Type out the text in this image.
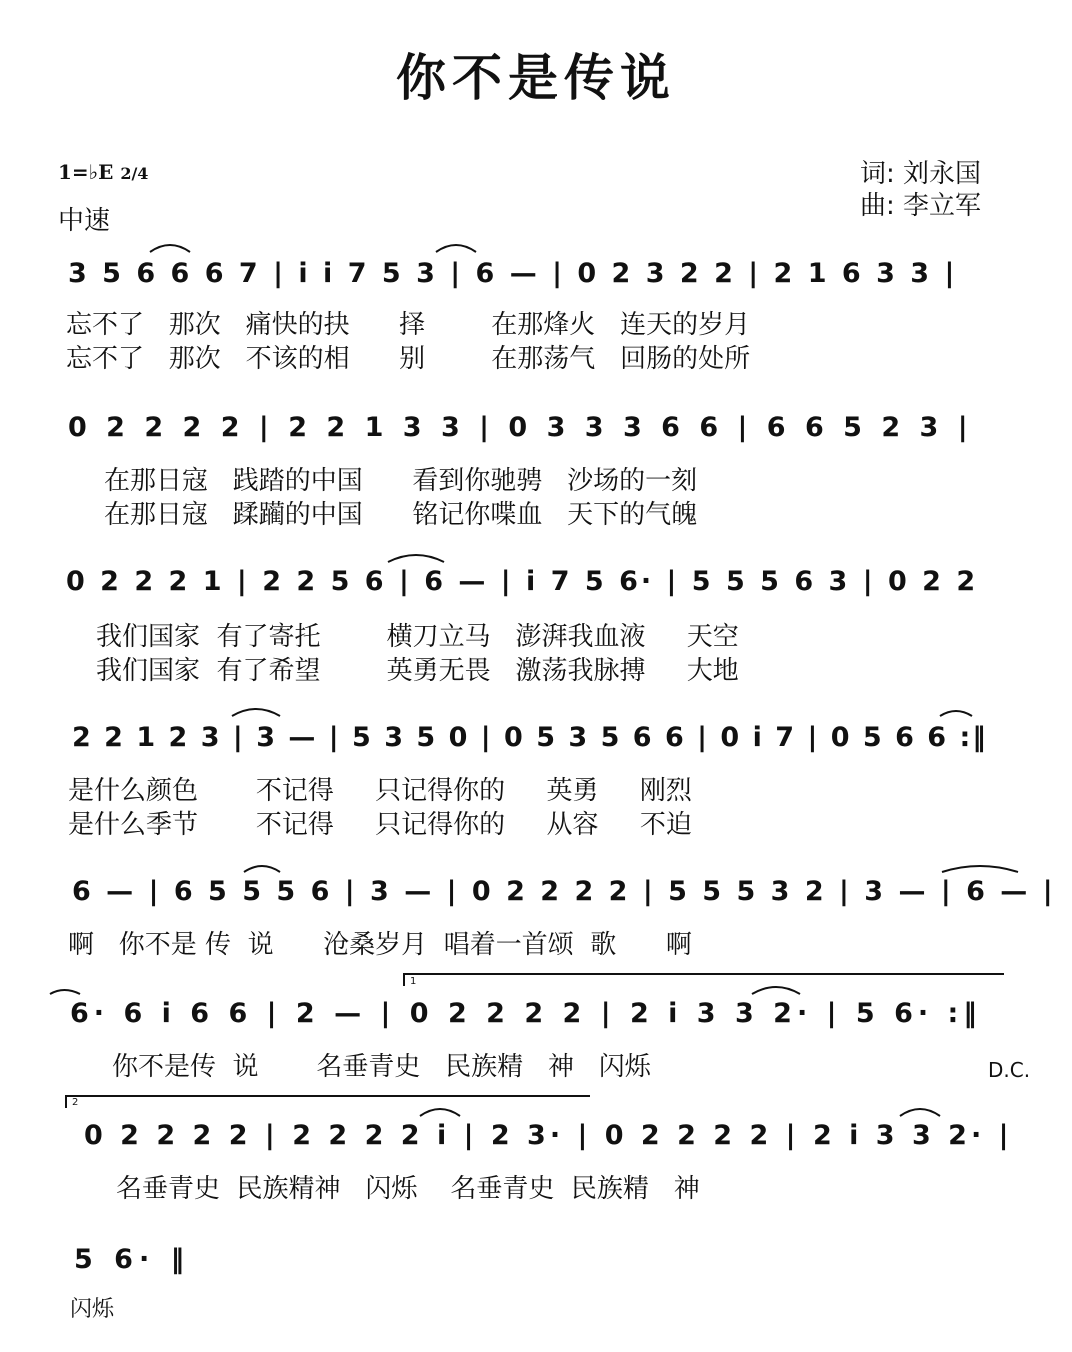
你不是传说
1=♭E 2/4
中速
词: 刘永国
曲: 李立军
3 5 6 6 6 7 | i i 7 5 3 | 6 — | 0 2 3 2 2 | 2 1 6 3 3 |
忘不了   那次   痛快的抉      择        在那烽火   连天的岁月
忘不了   那次   不该的相      别        在那荡气   回肠的处所
0 2 2 2 2 | 2 2 1 3 3 | 0 3 3 3 6 6 | 6 6 5 2 3 |
在那日寇   践踏的中国      看到你驰骋   沙场的一刻
在那日寇   蹂躏的中国      铭记你喋血   天下的气魄
0 2 2 2 1 | 2 2 5 6 | 6 — | i 7 5 6· | 5 5 5 6 3 | 0 2 2
我们国家  有了寄托        横刀立马   澎湃我血液     天空
我们国家  有了希望        英勇无畏   激荡我脉搏     大地
2 2 1 2 3 | 3 — | 5 3 5 0 | 0 5 3 5 6 6 | 0 i 7 | 0 5 6 6 :‖
是什么颜色       不记得     只记得你的     英勇     刚烈
是什么季节       不记得     只记得你的     从容     不迫
6 — | 6 5 5 5 6 | 3 — | 0 2 2 2 2 | 5 5 5 3 2 | 3 — | 6 — |
啊   你不是 传  说      沧桑岁月  唱着一首颂  歌      啊
6· 6 i 6 6 | 2 — | 0 2 2 2 2 | 2 i 3 3 2· | 5 6· :‖
你不是传  说       名垂青史   民族精   神   闪烁
1
D.C.
0 2 2 2 2 | 2 2 2 2 i | 2 3· | 0 2 2 2 2 | 2 i 3 3 2· |
名垂青史  民族精神   闪烁    名垂青史  民族精   神
2
5 6· ‖
闪烁
